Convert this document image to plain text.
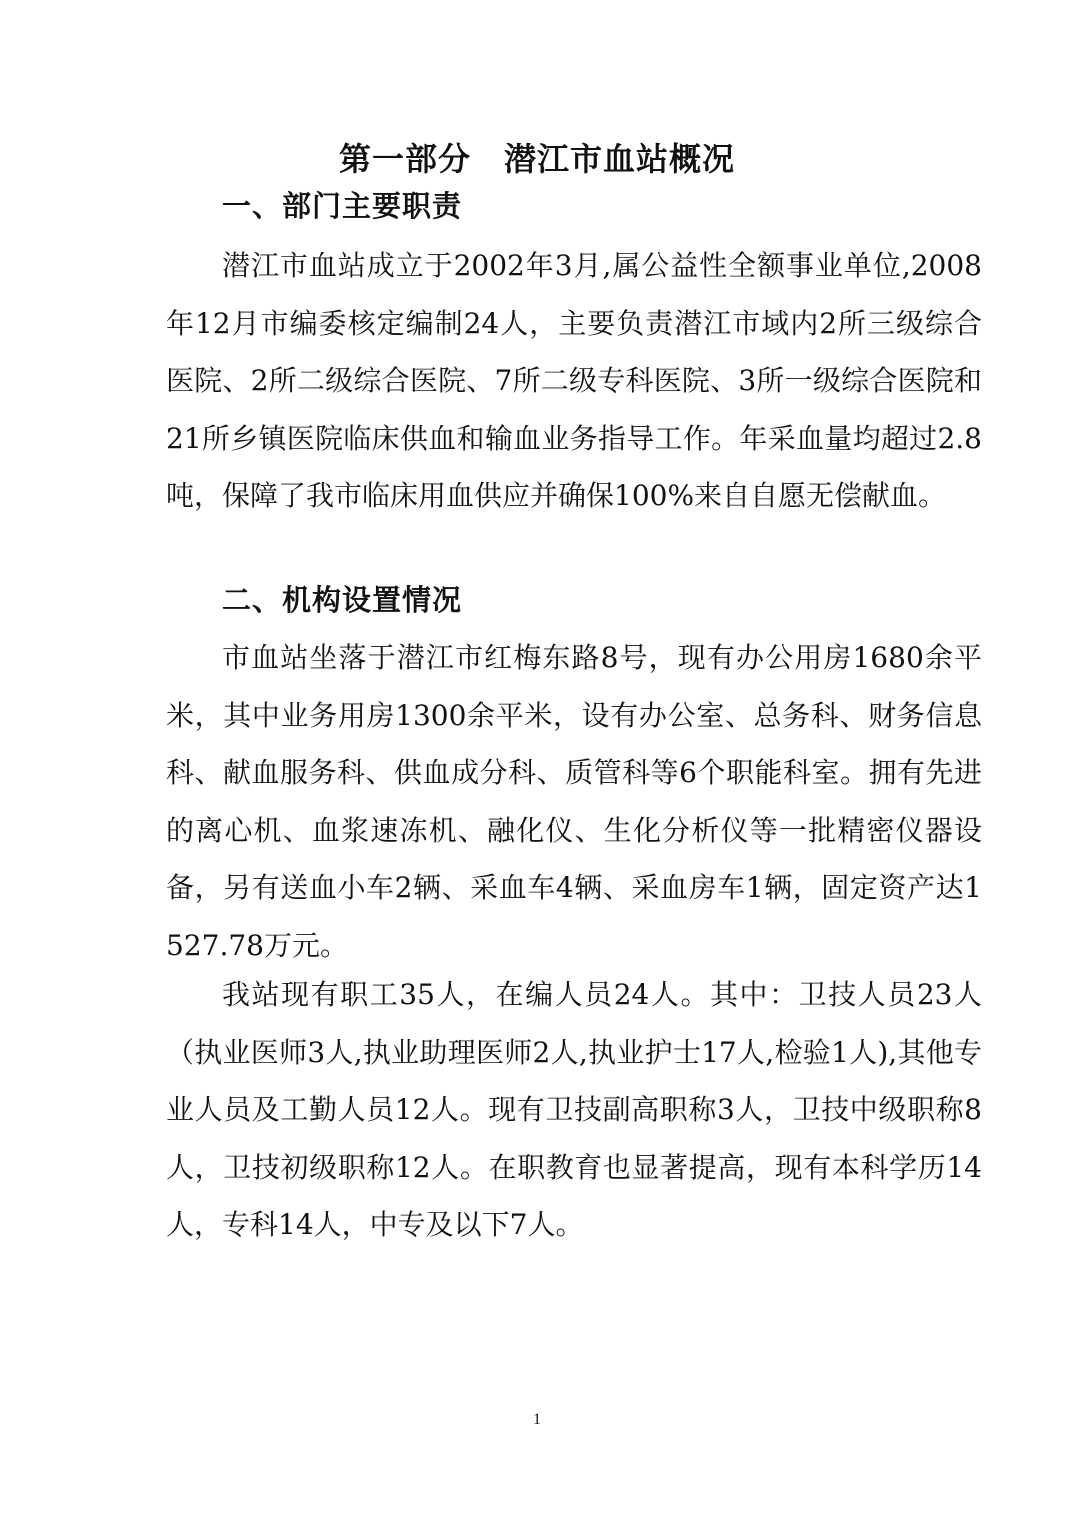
第一部分　潜江市血站概况
一、部门主要职责

潜江市血站成立于2002年3月,属公益性全额事业单位,2008年12月市编委核定编制24人，主要负责潜江市域内2所三级综合医院、2所二级综合医院、7所二级专科医院、3所一级综合医院和21所乡镇医院临床供血和输血业务指导工作。年采血量均超过2.8吨，保障了我市临床用血供应并确保100%来自自愿无偿献血。

二、机构设置情况

市血站坐落于潜江市红梅东路8号，现有办公用房1680余平米，其中业务用房1300余平米，设有办公室、总务科、财务信息科、献血服务科、供血成分科、质管科等6个职能科室。拥有先进的离心机、血浆速冻机、融化仪、生化分析仪等一批精密仪器设备，另有送血小车2辆、采血车4辆、采血房车1辆，固定资产达1527.78万元。

我站现有职工35人，在编人员24人。其中：卫技人员23人（执业医师3人,执业助理医师2人,执业护士17人,检验1人),其他专业人员及工勤人员12人。现有卫技副高职称3人，卫技中级职称8人，卫技初级职称12人。在职教育也显著提高，现有本科学历14人，专科14人，中专及以下7人。

1
